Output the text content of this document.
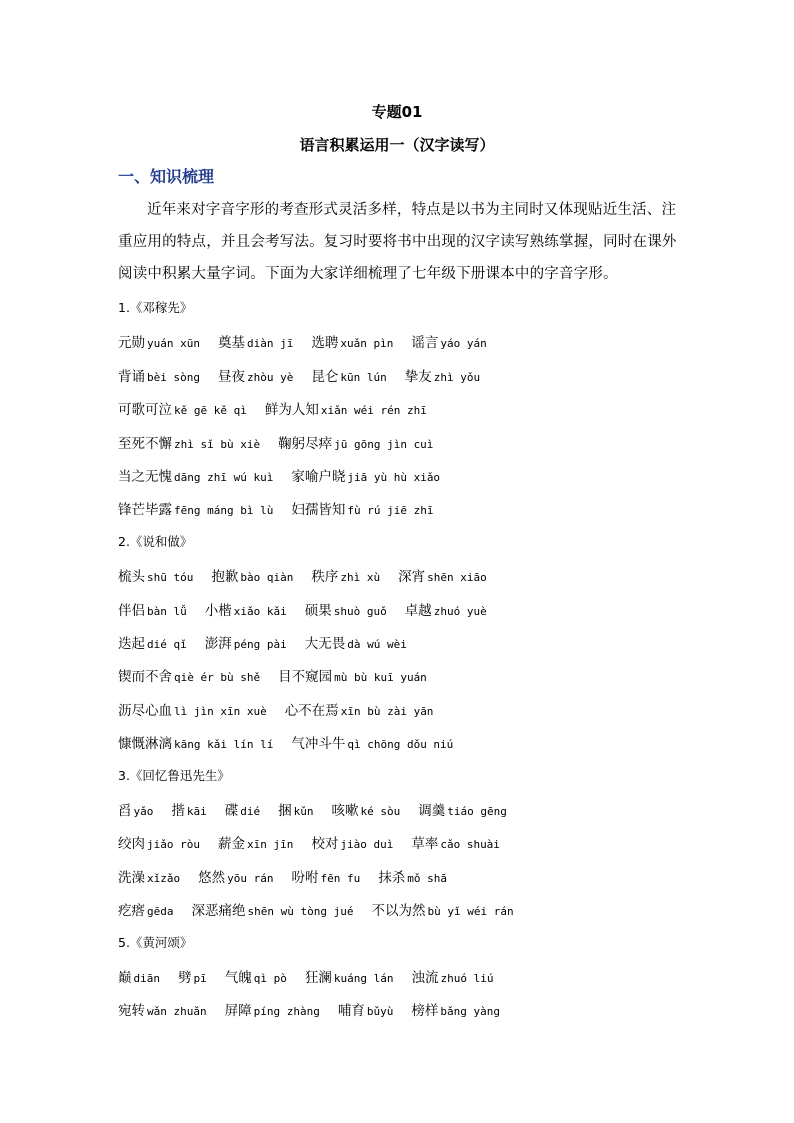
专题01
语言积累运用一（汉字读写）
一、知识梳理
近年来对字音字形的考查形式灵活多样，特点是以书为主同时又体现贴近生活、注重应用的特点，并且会考写法。复习时要将书中出现的汉字读写熟练掌握，同时在课外阅读中积累大量字词。下面为大家详细梳理了七年级下册课本中的字音字形。
1.《邓稼先》
元勋 yuán xūn 奠基 diàn jī 选聘 xuǎn pìn 谣言 yáo yán
背诵 bèi sòng 昼夜 zhòu yè 昆仑 kūn lún 挚友 zhì yǒu
可歌可泣 kě gē kě qì 鲜为人知 xiǎn wéi rén zhī
至死不懈 zhì sǐ bù xiè 鞠躬尽瘁 jū gōng jìn cuì
当之无愧 dāng zhī wú kuì 家喻户晓 jiā yù hù xiǎo
锋芒毕露 fēng máng bì lù 妇孺皆知 fù rú jiē zhī
2.《说和做》
梳头 shū tóu 抱歉 bào qiàn 秩序 zhì xù 深宵 shēn xiāo
伴侣 bàn lǚ 小楷 xiǎo kǎi 硕果 shuò guǒ 卓越 zhuó yuè
迭起 dié qǐ 澎湃 péng pài 大无畏 dà wú wèi
锲而不舍 qiè ér bù shě 目不窥园 mù bù kuī yuán
沥尽心血 lì jìn xīn xuè 心不在焉 xīn bù zài yān
慷慨淋漓 kāng kǎi lín lí 气冲斗牛 qì chōng dǒu niú
3.《回忆鲁迅先生》
舀 yǎo 揩 kāi 碟 dié 捆 kǔn 咳嗽 ké sòu 调羹 tiáo gēng
绞肉 jiǎo ròu 薪金 xīn jīn 校对 jiào duì 草率 cǎo shuài
洗澡 xǐzǎo 悠然 yōu rán 吩咐 fēn fu 抹杀 mǒ shā
疙瘩 gēda 深恶痛绝 shēn wù tòng jué 不以为然 bù yǐ wéi rán
5.《黄河颂》
巅 diān 劈 pī 气魄 qì pò 狂澜 kuáng lán 浊流 zhuó liú
宛转 wǎn zhuǎn 屏障 píng zhàng 哺育 bǔyù 榜样 bǎng yàng
